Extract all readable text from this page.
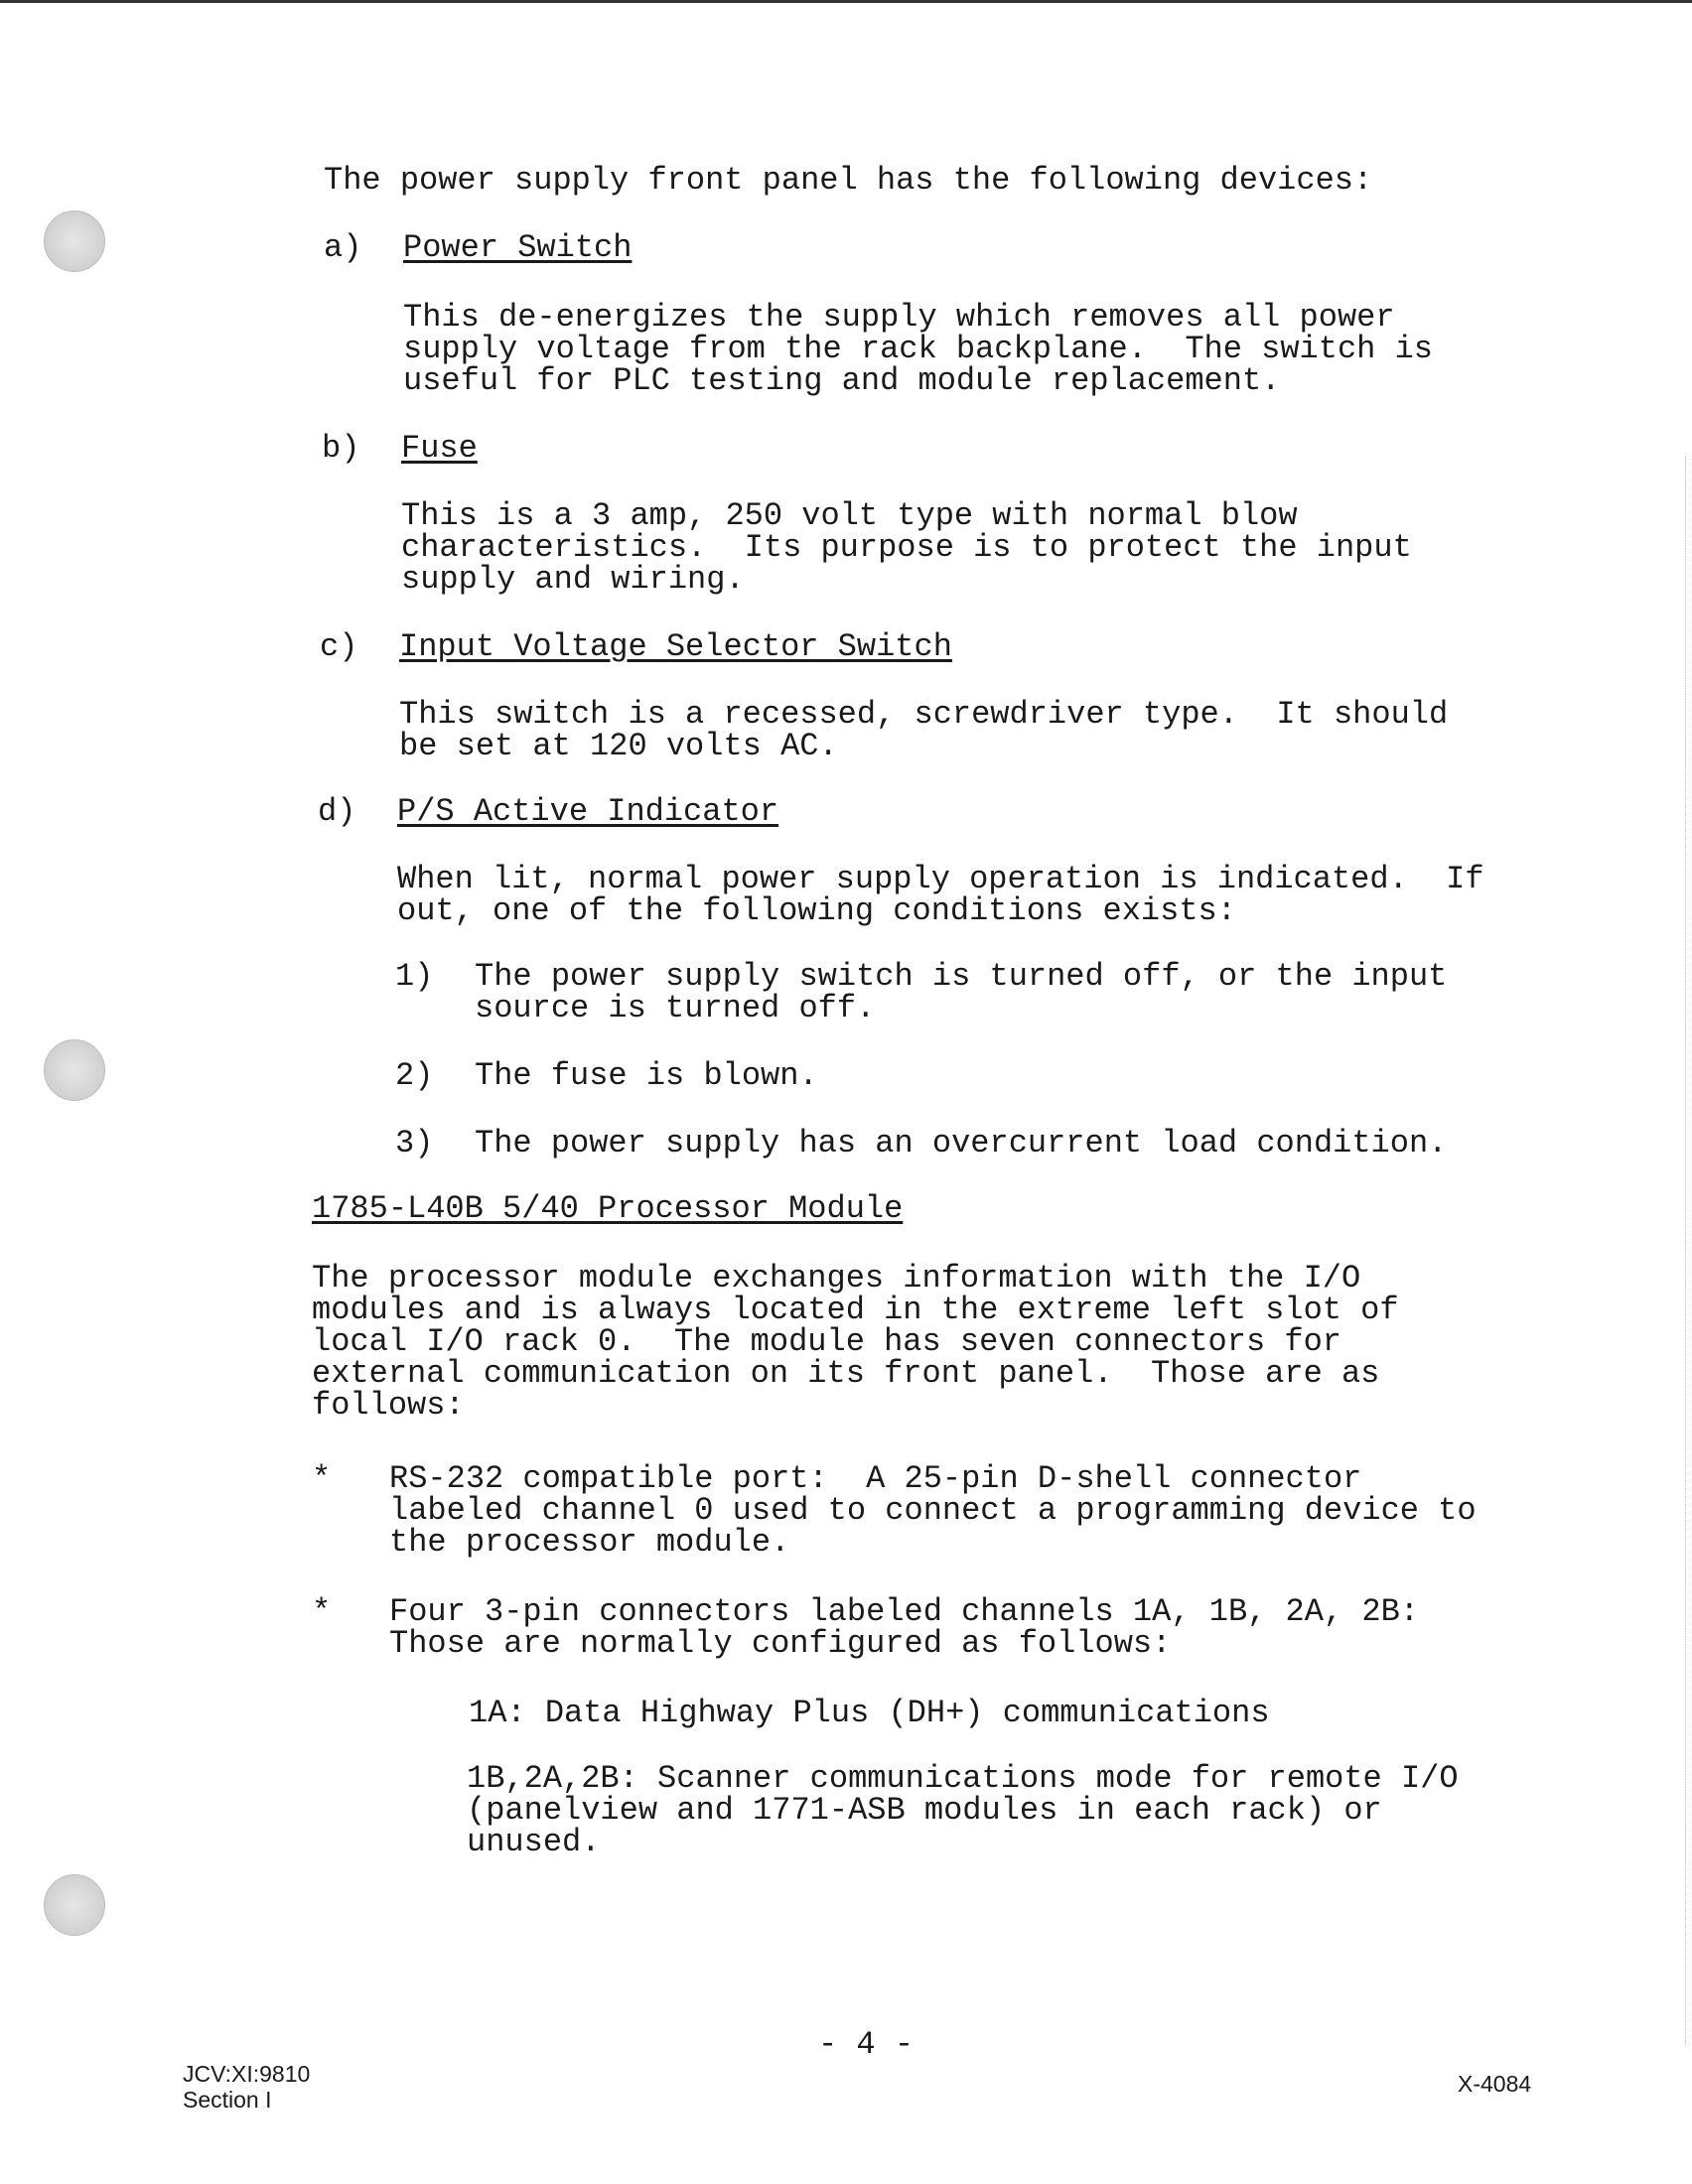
The power supply front panel has the following devices:

a) Power Switch

This de-energizes the supply which removes all power

supply voltage from the rack backplane.  The switch is

useful for PLC testing and module replacement.

b) Fuse

This is a 3 amp, 250 volt type with normal blow

characteristics.  Its purpose is to protect the input

supply and wiring.

c) Input Voltage Selector Switch

This switch is a recessed, screwdriver type.  It should

be set at 120 volts AC.

d) P/S Active Indicator

When lit, normal power supply operation is indicated.  If

out, one of the following conditions exists:

1) The power supply switch is turned off, or the input

source is turned off.

2) The fuse is blown.

3) The power supply has an overcurrent load condition.

1785-L40B 5/40 Processor Module

The processor module exchanges information with the I/O

modules and is always located in the extreme left slot of

local I/O rack 0.  The module has seven connectors for

external communication on its front panel.  Those are as

follows:

* RS-232 compatible port:  A 25-pin D-shell connector

labeled channel 0 used to connect a programming device to

the processor module.

* Four 3-pin connectors labeled channels 1A, 1B, 2A, 2B:

Those are normally configured as follows:

1A: Data Highway Plus (DH+) communications

1B,2A,2B: Scanner communications mode for remote I/O

(panelview and 1771-ASB modules in each rack) or

unused.

- 4 -

JCV:XI:9810

Section I

X-4084
